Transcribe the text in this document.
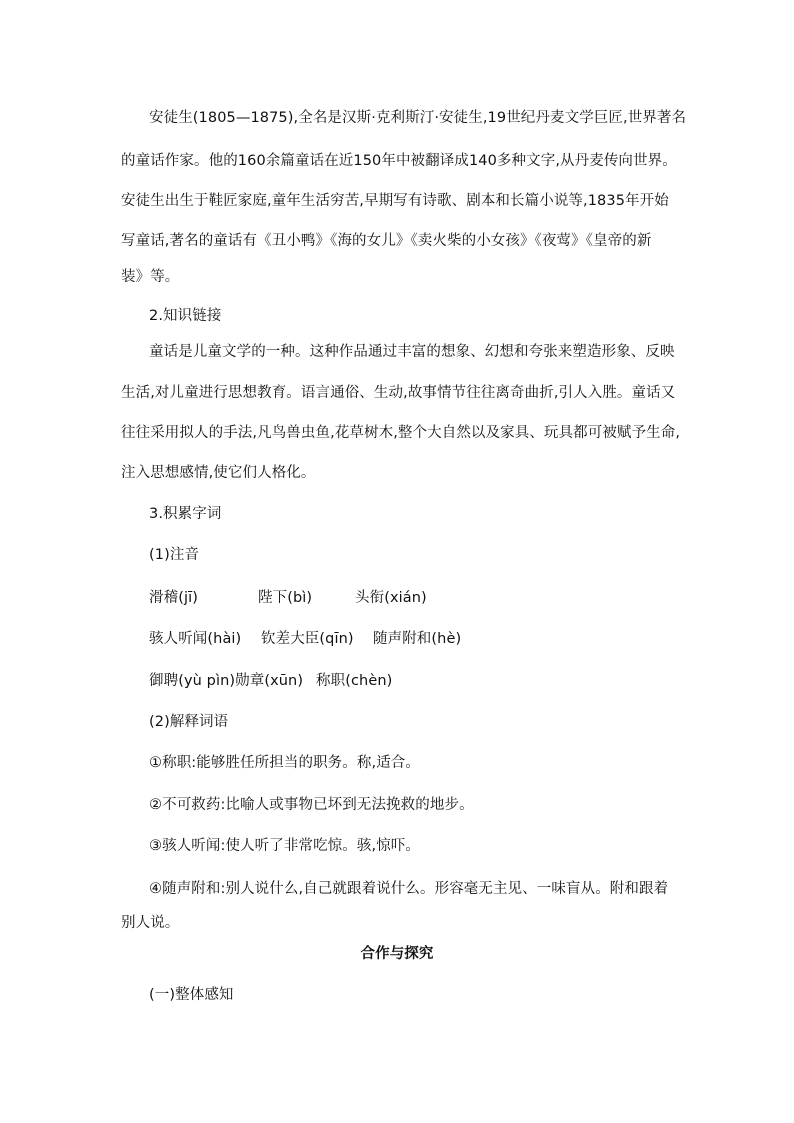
安徒生(1805—1875),全名是汉斯·克利斯汀·安徒生,19世纪丹麦文学巨匠,世界著名
的童话作家。他的160余篇童话在近150年中被翻译成140多种文字,从丹麦传向世界。
安徒生出生于鞋匠家庭,童年生活穷苦,早期写有诗歌、剧本和长篇小说等,1835年开始
写童话,著名的童话有《丑小鸭》《海的女儿》《卖火柴的小女孩》《夜莺》《皇帝的新
装》等。
2.知识链接
童话是儿童文学的一种。这种作品通过丰富的想象、幻想和夸张来塑造形象、反映
生活,对儿童进行思想教育。语言通俗、生动,故事情节往往离奇曲折,引人入胜。童话又
往往采用拟人的手法,凡鸟兽虫鱼,花草树木,整个大自然以及家具、玩具都可被赋予生命,
注入思想感情,使它们人格化。
3.积累字词
(1)注音
滑稽(jī)	陛下(bì)	头衔(xián)
骇人听闻(hài) 钦差大臣(qīn) 随声附和(hè)
御聘(yù pìn)勋章(xūn) 称职(chèn)
(2)解释词语
①称职:能够胜任所担当的职务。称,适合。
②不可救药:比喻人或事物已坏到无法挽救的地步。
③骇人听闻:使人听了非常吃惊。骇,惊吓。
④随声附和:别人说什么,自己就跟着说什么。形容毫无主见、一味盲从。附和跟着
别人说。
合作与探究
(一)整体感知
